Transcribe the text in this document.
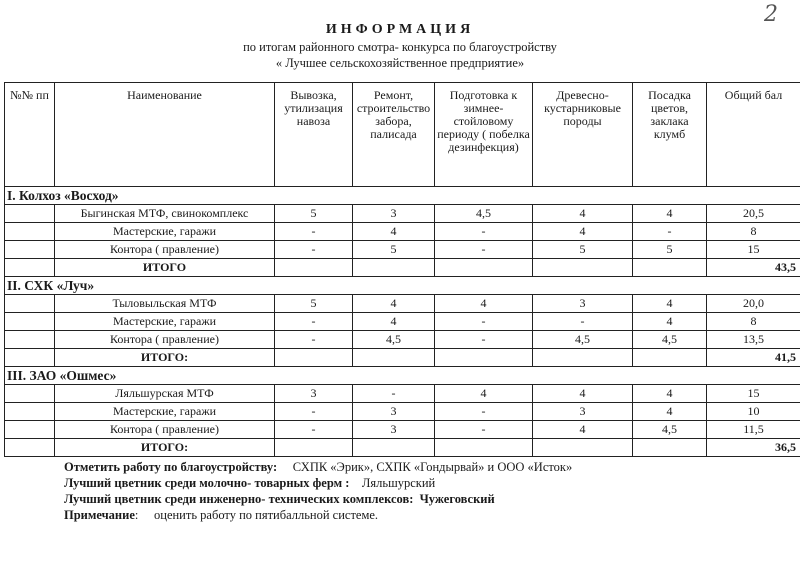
2
ИНФОРМАЦИЯ
по итогам районного смотра- конкурса по благоустройству
« Лучшее сельскохозяйственное предприятие»
№№ пп	Наименование	Вывозка, утилизация навоза	Ремонт, строительство забора, палисада	Подготовка к зимнее-стойловому периоду ( побелка дезинфекция)	Древесно-кустарниковые породы	Посадка цветов, заклака клумб	Общий бал
I. Колхоз «Восход»							
	Быгинская МТФ, свинокомплекс	5	3	4,5	4	4	20,5
	Мастерские, гаражи	-	4	-	4	-	8
	Контора ( правление)	-	5	-	5	5	15
	ИТОГО						43,5
II. СХК «Луч»							
	Тыловыльская МТФ	5	4	4	3	4	20,0
	Мастерские, гаражи	-	4	-	-	4	8
	Контора ( правление)	-	4,5	-	4,5	4,5	13,5
	ИТОГО:						41,5
III. ЗАО «Ошмес»							
	Ляльшурская МТФ	3	-	4	4	4	15
	Мастерские, гаражи	-	3	-	3	4	10
	Контора ( правление)	-	3	-	4	4,5	11,5
	ИТОГО:						36,5
Отметить работу по благоустройству: СХПК «Эрик», СХПК «Гондырвай» и ООО «Исток»
Лучший цветник среди молочно- товарных ферм : Ляльшурский
Лучший цветник среди инженерно- технических комплексов: Чужеговский
Примечание: оценить работу по пятибалльной системе.
